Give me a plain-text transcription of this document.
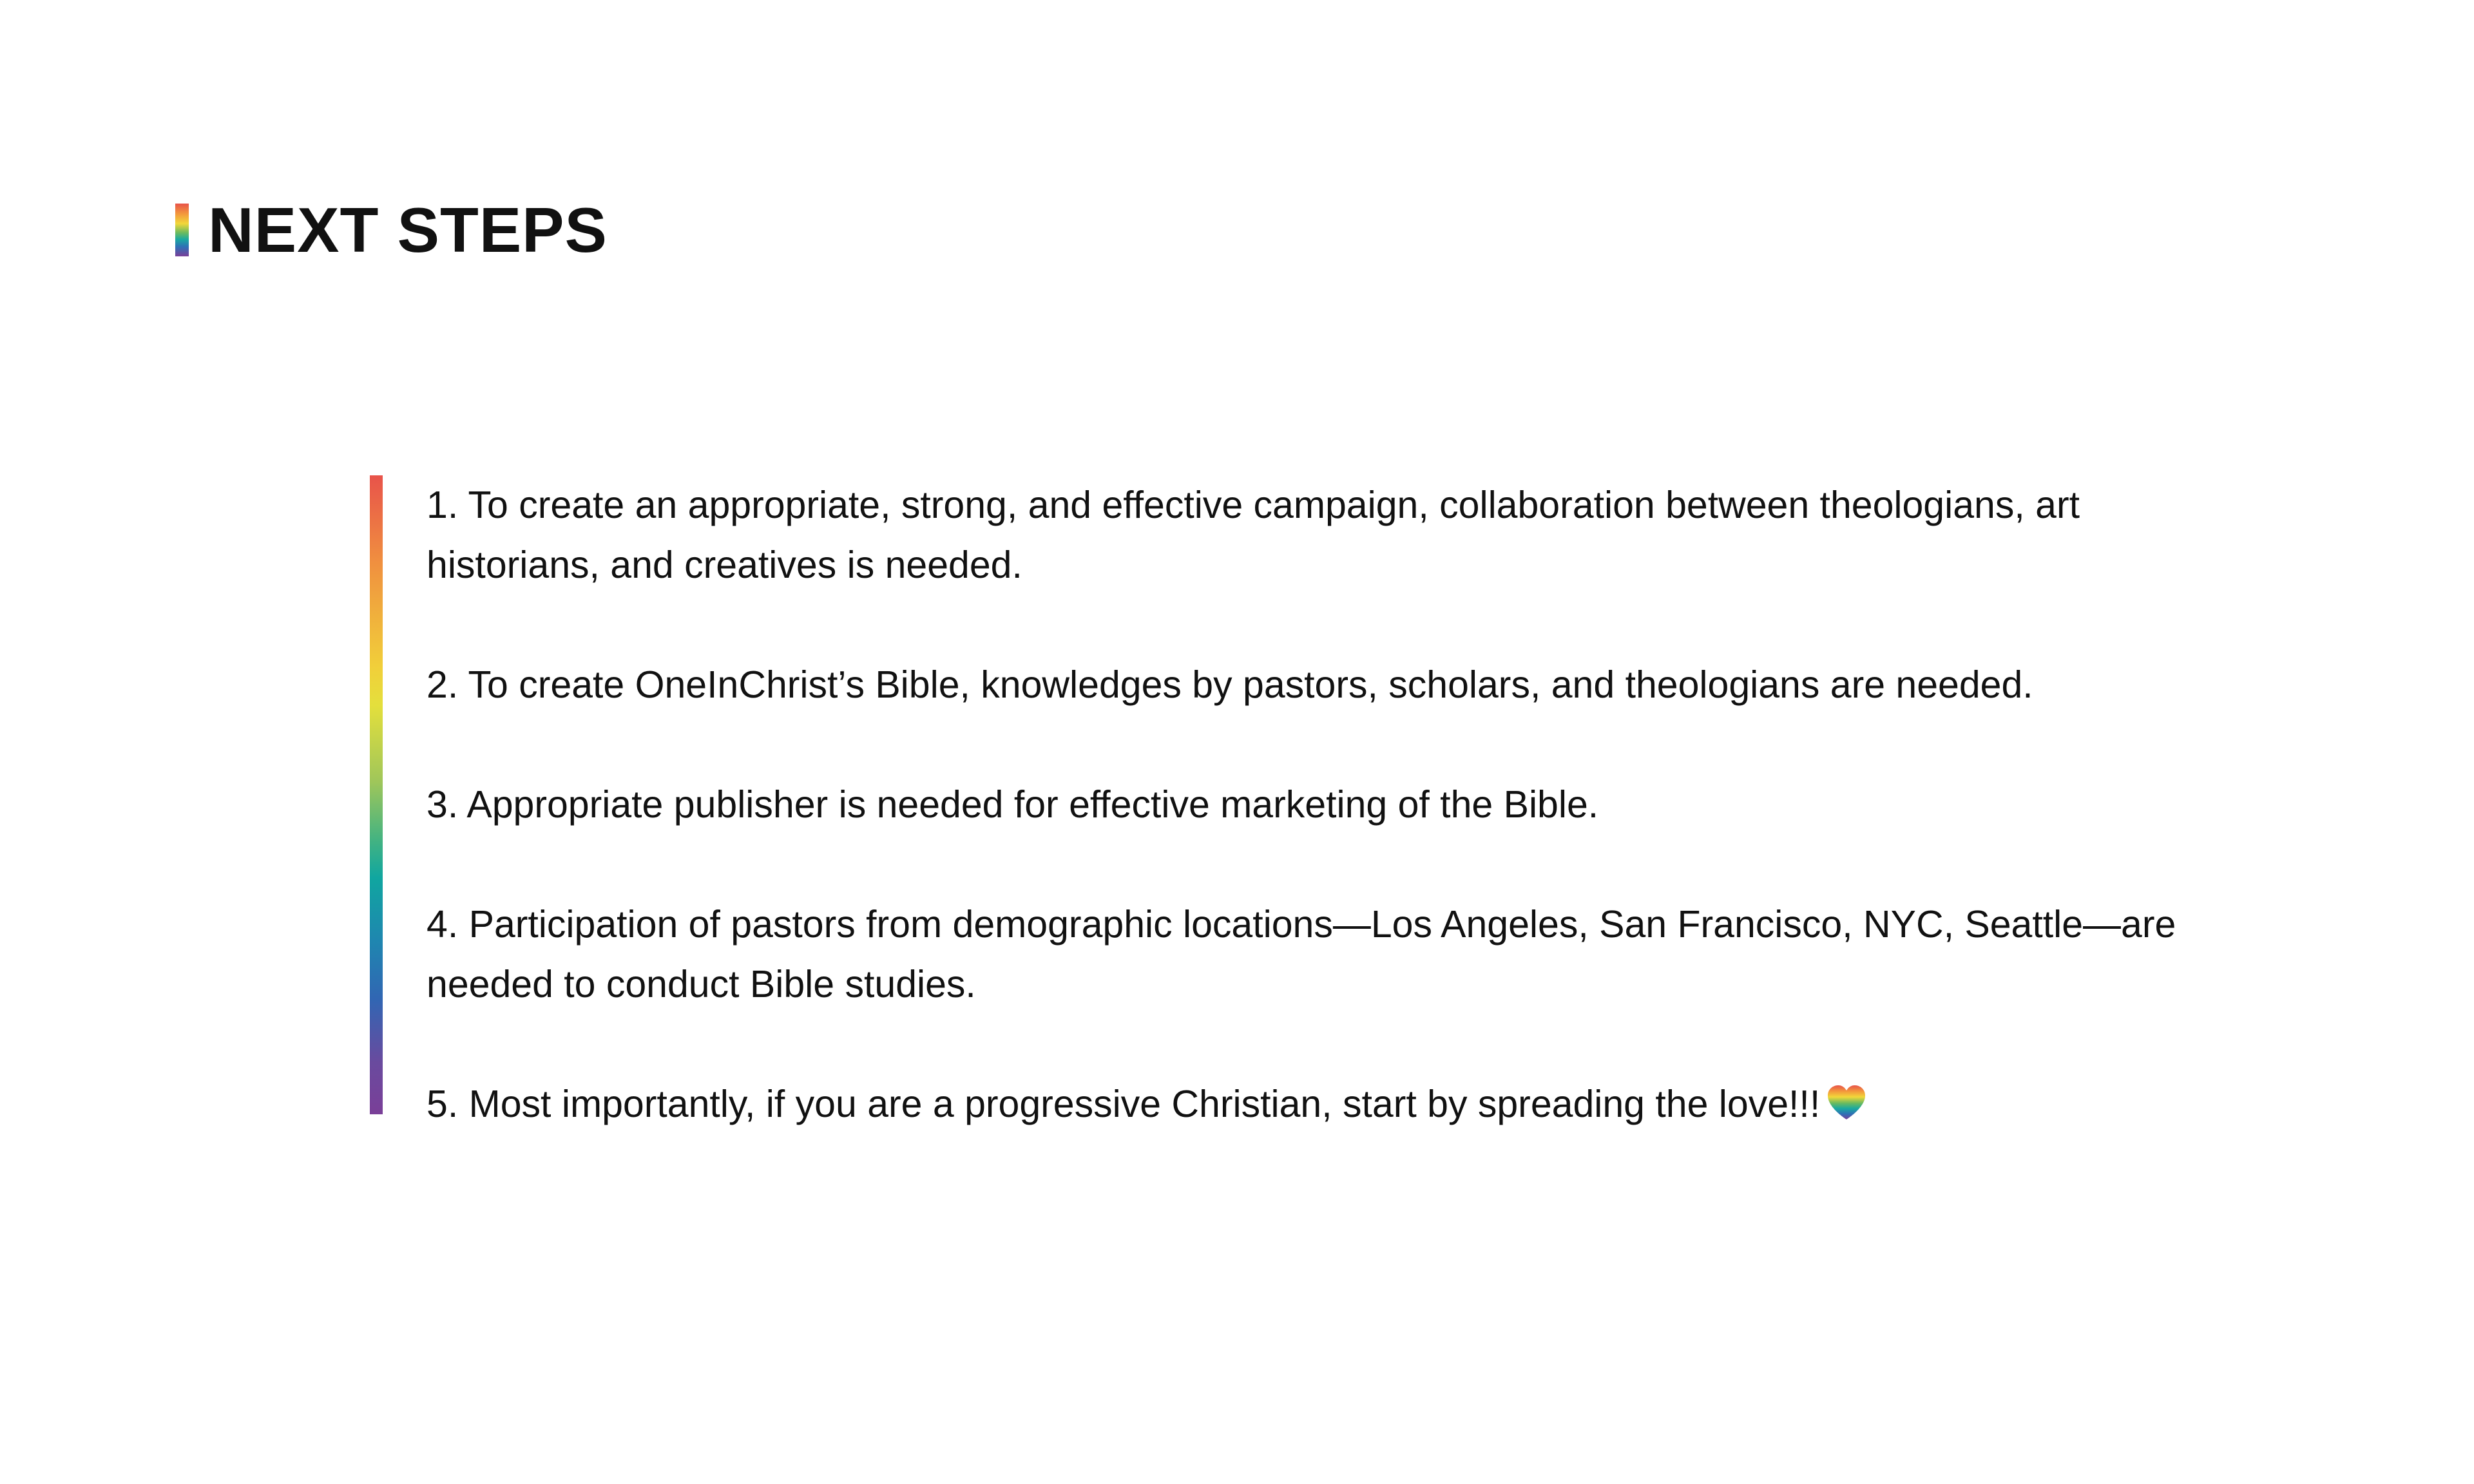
NEXT STEPS
1. To create an appropriate, strong, and effective campaign, collaboration between theologians, art historians, and creatives is needed.
2. To create OneInChrist’s Bible, knowledges by pastors, scholars, and theologians are needed.
3. Appropriate publisher is needed for effective marketing of the Bible.
4. Participation of pastors from demographic locations—Los Angeles, San Francisco, NYC, Seattle—are needed to conduct Bible studies.
5. Most importantly, if you are a progressive Christian, start by spreading the love!!!
